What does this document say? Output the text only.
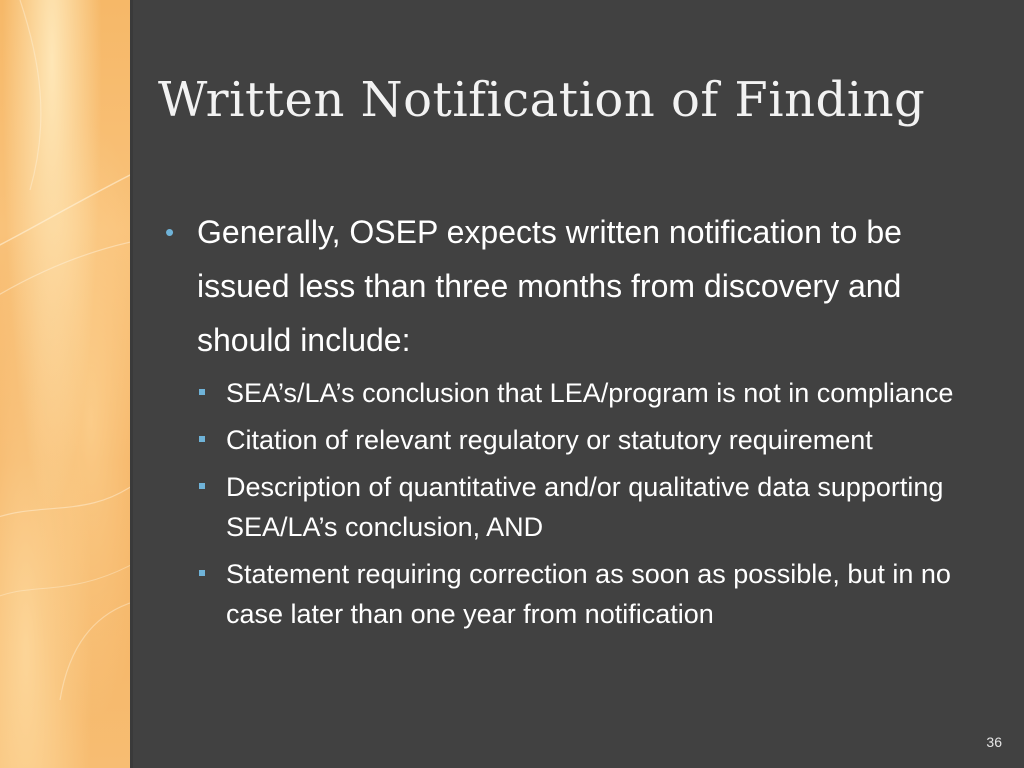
Written Notification of Finding
• Generally, OSEP expects written notification to be issued less than three months from discovery and should include:
SEA’s/LA’s conclusion that LEA/program is not in compliance
Citation of relevant regulatory or statutory requirement
Description of quantitative and/or qualitative data supporting SEA/LA’s conclusion, AND
Statement requiring correction as soon as possible, but in no case later than one year from notification
36
